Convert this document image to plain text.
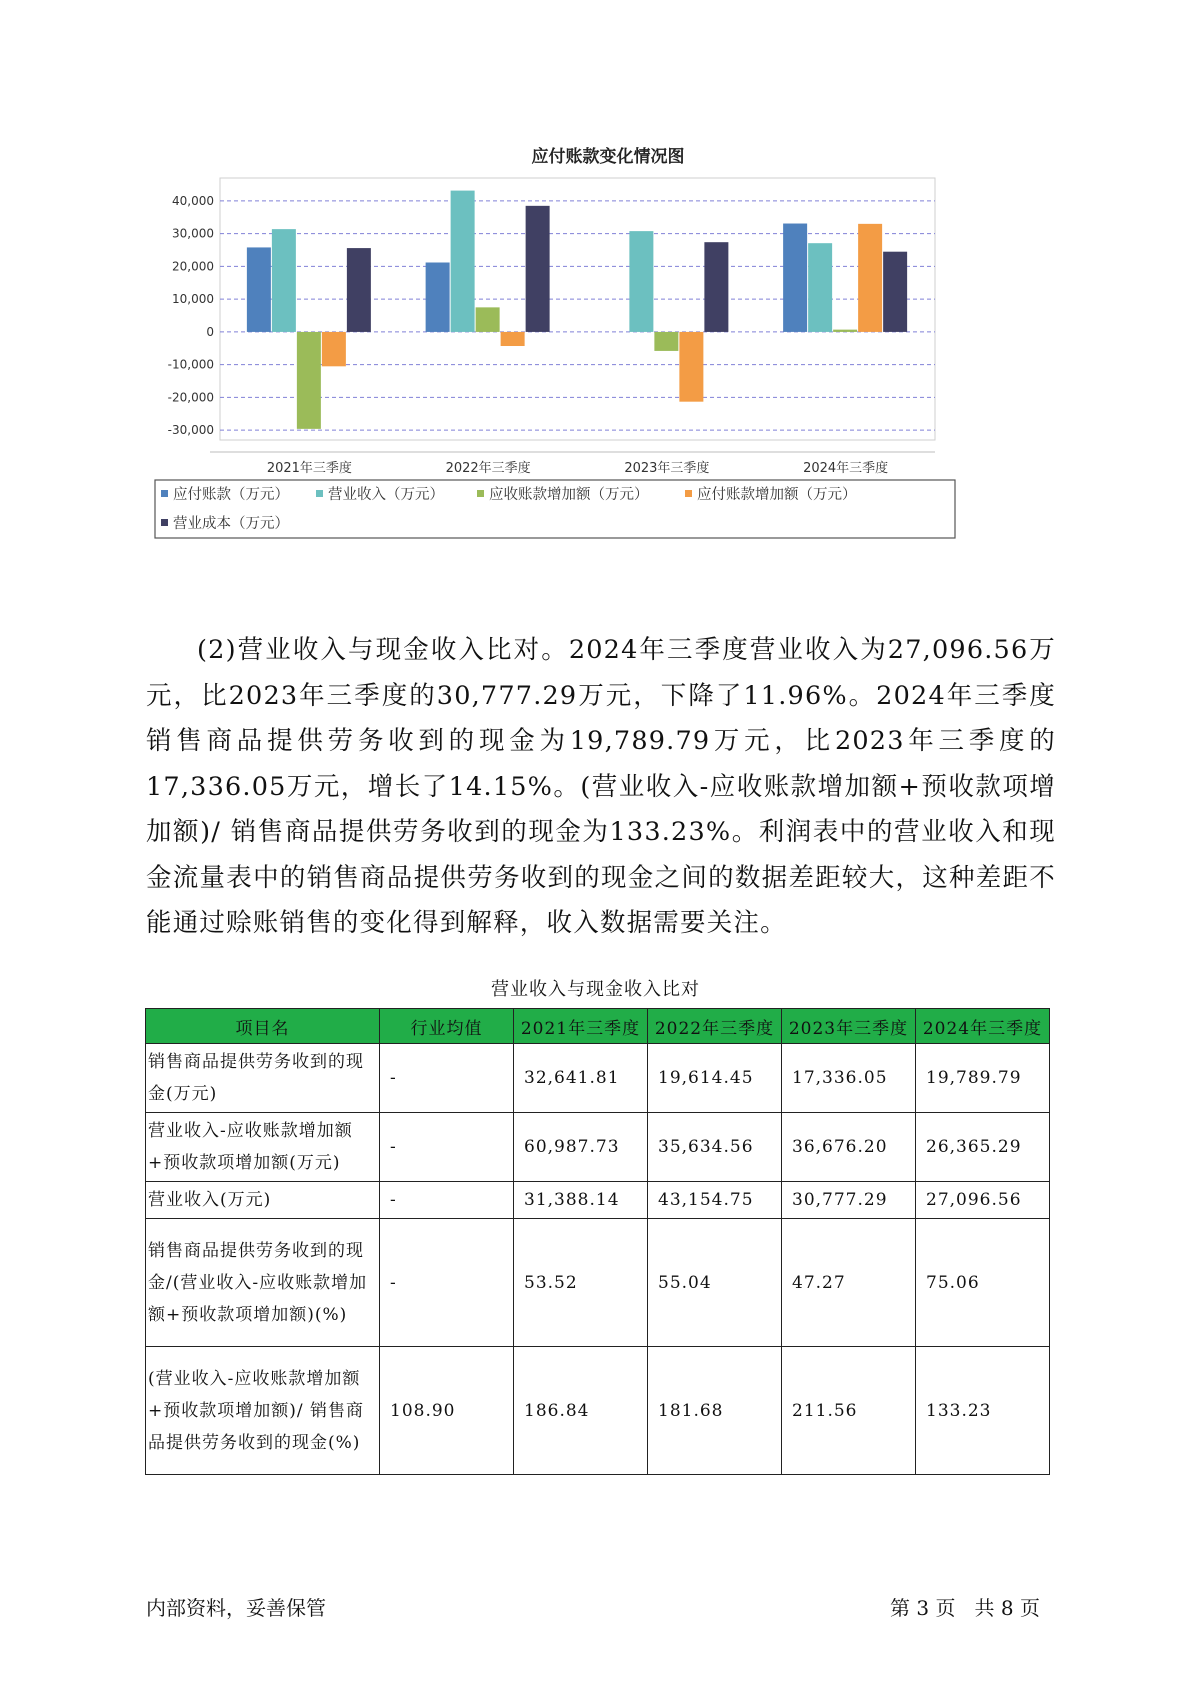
应付账款变化情况图
40,000
30,000
20,000
10,000
0
-10,000
-20,000
-30,000
2021年三季度	2022年三季度	2023年三季度	2024年三季度
应付账款（万元）	营业收入（万元）	应收账款增加额（万元）	应付账款增加额（万元）
营业成本（万元）

(2)营业收入与现金收入比对。2024年三季度营业收入为27,096.56万元，比2023年三季度的30,777.29万元，下降了11.96%。2024年三季度销售商品提供劳务收到的现金为19,789.79万元，比2023年三季度的17,336.05万元，增长了14.15%。(营业收入-应收账款增加额+预收款项增加额)/ 销售商品提供劳务收到的现金为133.23%。利润表中的营业收入和现金流量表中的销售商品提供劳务收到的现金之间的数据差距较大，这种差距不能通过赊账销售的变化得到解释，收入数据需要关注。

营业收入与现金收入比对
项目名	行业均值	2021年三季度	2022年三季度	2023年三季度	2024年三季度
销售商品提供劳务收到的现金(万元)	-	32,641.81	19,614.45	17,336.05	19,789.79
营业收入-应收账款增加额+预收款项增加额(万元)	-	60,987.73	35,634.56	36,676.20	26,365.29
营业收入(万元)	-	31,388.14	43,154.75	30,777.29	27,096.56
销售商品提供劳务收到的现金/(营业收入-应收账款增加额+预收款项增加额)(%)	-	53.52	55.04	47.27	75.06
(营业收入-应收账款增加额+预收款项增加额)/ 销售商品提供劳务收到的现金(%)	108.90	186.84	181.68	211.56	133.23
内部资料，妥善保管	第 3 页   共 8 页
